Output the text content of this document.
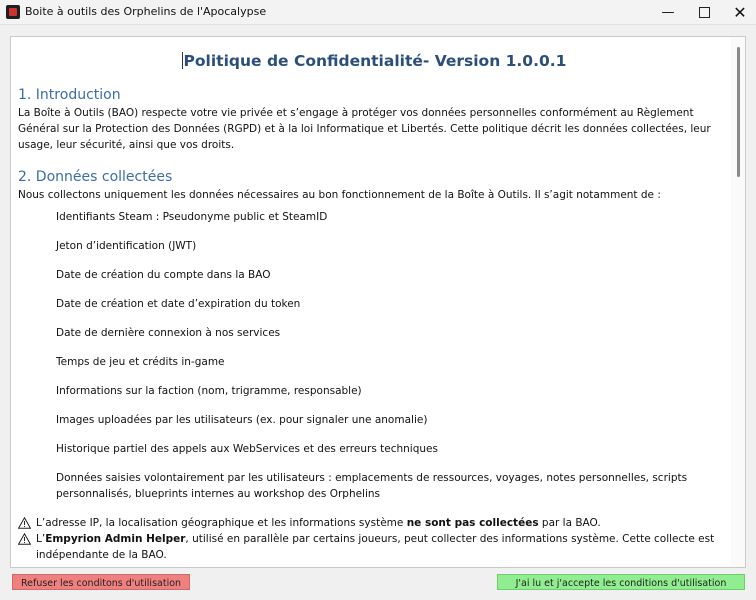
Boite à outils des Orphelins de l'Apocalypse	—	✕
Politique de Confidentialité- Version 1.0.0.1
1. Introduction

La Boîte à Outils (BAO) respecte votre vie privée et s’engage à protéger vos données personnelles conformément au Règlement Général sur la Protection des Données (RGPD) et à la loi Informatique et Libertés. Cette politique décrit les données collectées, leur usage, leur sécurité, ainsi que vos droits.

2. Données collectées

Nous collectons uniquement les données nécessaires au bon fonctionnement de la Boîte à Outils. Il s’agit notamment de :

Identifiants Steam : Pseudonyme public et SteamID
Jeton d’identification (JWT)
Date de création du compte dans la BAO
Date de création et date d’expiration du token
Date de dernière connexion à nos services
Temps de jeu et crédits in-game
Informations sur la faction (nom, trigramme, responsable)
Images uploadées par les utilisateurs (ex. pour signaler une anomalie)
Historique partiel des appels aux WebServices et des erreurs techniques
Données saisies volontairement par les utilisateurs : emplacements de ressources, voyages, notes personnelles, scripts personnalisés, blueprints internes au workshop des Orphelins

L’adresse IP, la localisation géographique et les informations système ne sont pas collectées par la BAO.

L’Empyrion Admin Helper, utilisé en parallèle par certains joueurs, peut collecter des informations système. Cette collecte est indépendante de la BAO.

Refuser les conditons d'utilisation	J'ai lu et j'accepte les conditions d'utilisation
